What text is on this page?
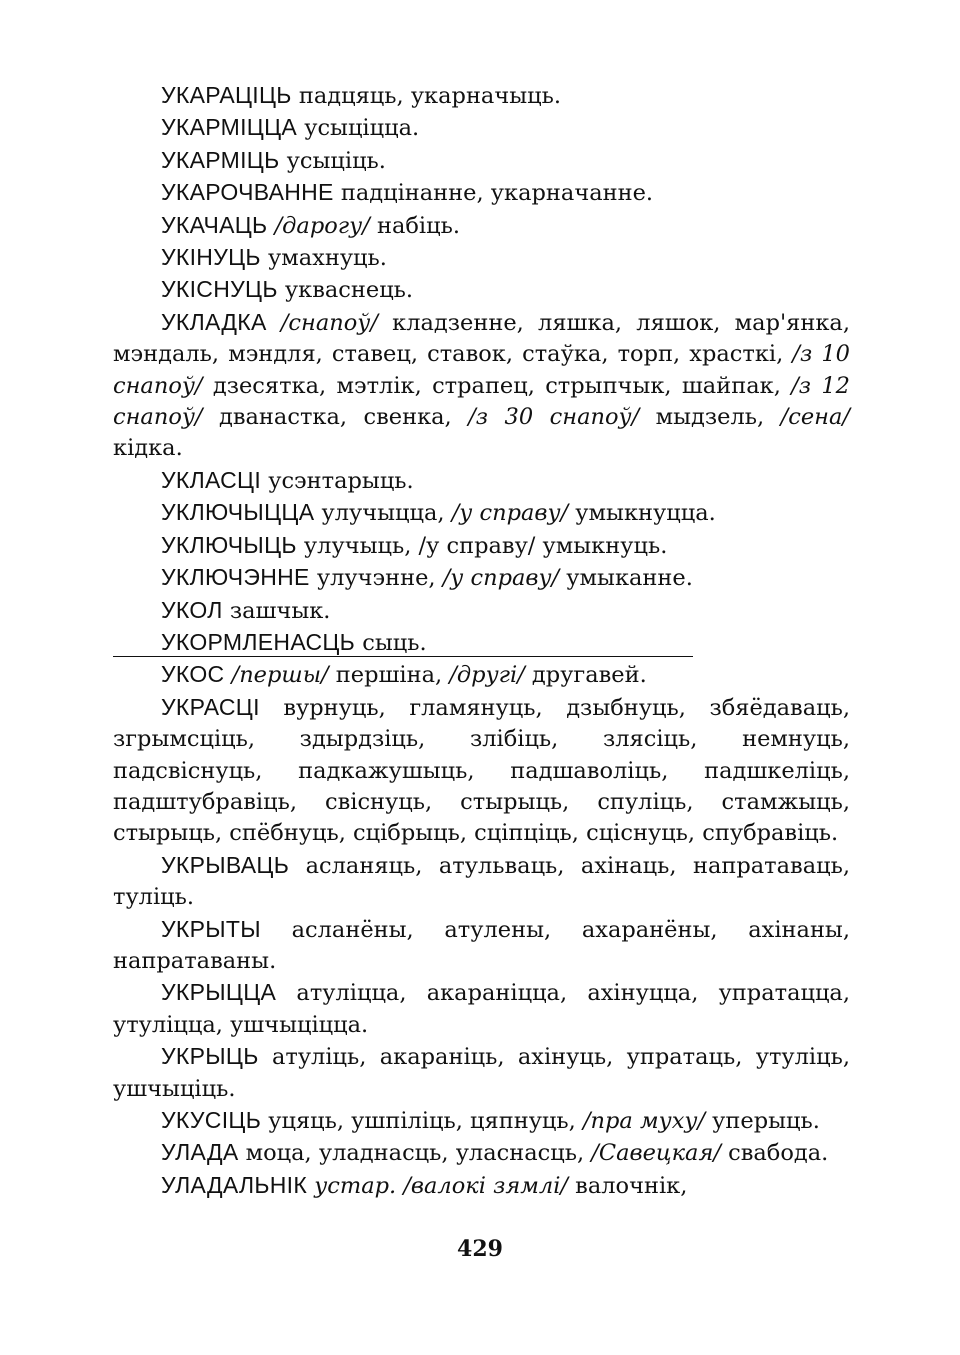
УКАРАЦІЦЬ падцяць, укарначыць.

УКАРМІЦЦА усыціцца.

УКАРМІЦЬ усыціць.

УКАРОЧВАННЕ падцінанне, укарначанне.

УКАЧАЦЬ /дарогу/ набіць.

УКІНУЦЬ умахнуць.

УКІСНУЦЬ укваснець.

УКЛАДКА /снапоў/ кладзенне, ляшка, ляшок, мар'янка, мэндаль, мэндля, ставец, ставок, стаўка, торп, храсткі, /з 10 снапоў/ дзесятка, мэтлік, страпец, стрыпчык, шайпак, /з 12 снапоў/ дванастка, свенка, /з 30 снапоў/ мыдзель, /сена/ кідка.

УКЛАСЦІ усэнтарыць.

УКЛЮЧЫЦЦА улучыцца, /у справу/ умыкнуцца.

УКЛЮЧЫЦЬ улучыць, /у справу/ умыкнуць.

УКЛЮЧЭННЕ улучэнне, /у справу/ умыканне.

УКОЛ зашчык.

УКОРМЛЕНАСЦЬ сыць.

УКОС /першы/ першіна, /другі/ другавей.

УКРАСЦІ вурнуць, гламянуць, дзыбнуць, збяёдаваць, згрымсціць, здырдзіць, злібіць, злясіць, немнуць, падсвіснуць, падкажушыць, падшаволіць, падшкеліць, падштубравіць, свіснуць, стырыць, спуліць, стамжыць, стырыць, спёбнуць, сцібрыць, сціпціць, сціснуць, спубравіць.

УКРЫВАЦЬ асланяць, атульваць, ахінаць, напратаваць, туліць.

УКРЫТЫ асланёны, атулены, ахаранёны, ахінаны, напратаваны.

УКРЫЦЦА атуліцца, акараніцца, ахінуцца, упратацца, утуліцца, ушчыціцца.

УКРЫЦЬ атуліць, акараніць, ахінуць, упратаць, утуліць, ушчыціць.

УКУСІЦЬ уцяць, ушпіліць, цяпнуць, /пра муху/ уперыць.

УЛАДА моца, уладнасць, уласнасць, /Савецкая/ свабода.

УЛАДАЛЬНІК устар. /валокі зямлі/ валочнік,

429
